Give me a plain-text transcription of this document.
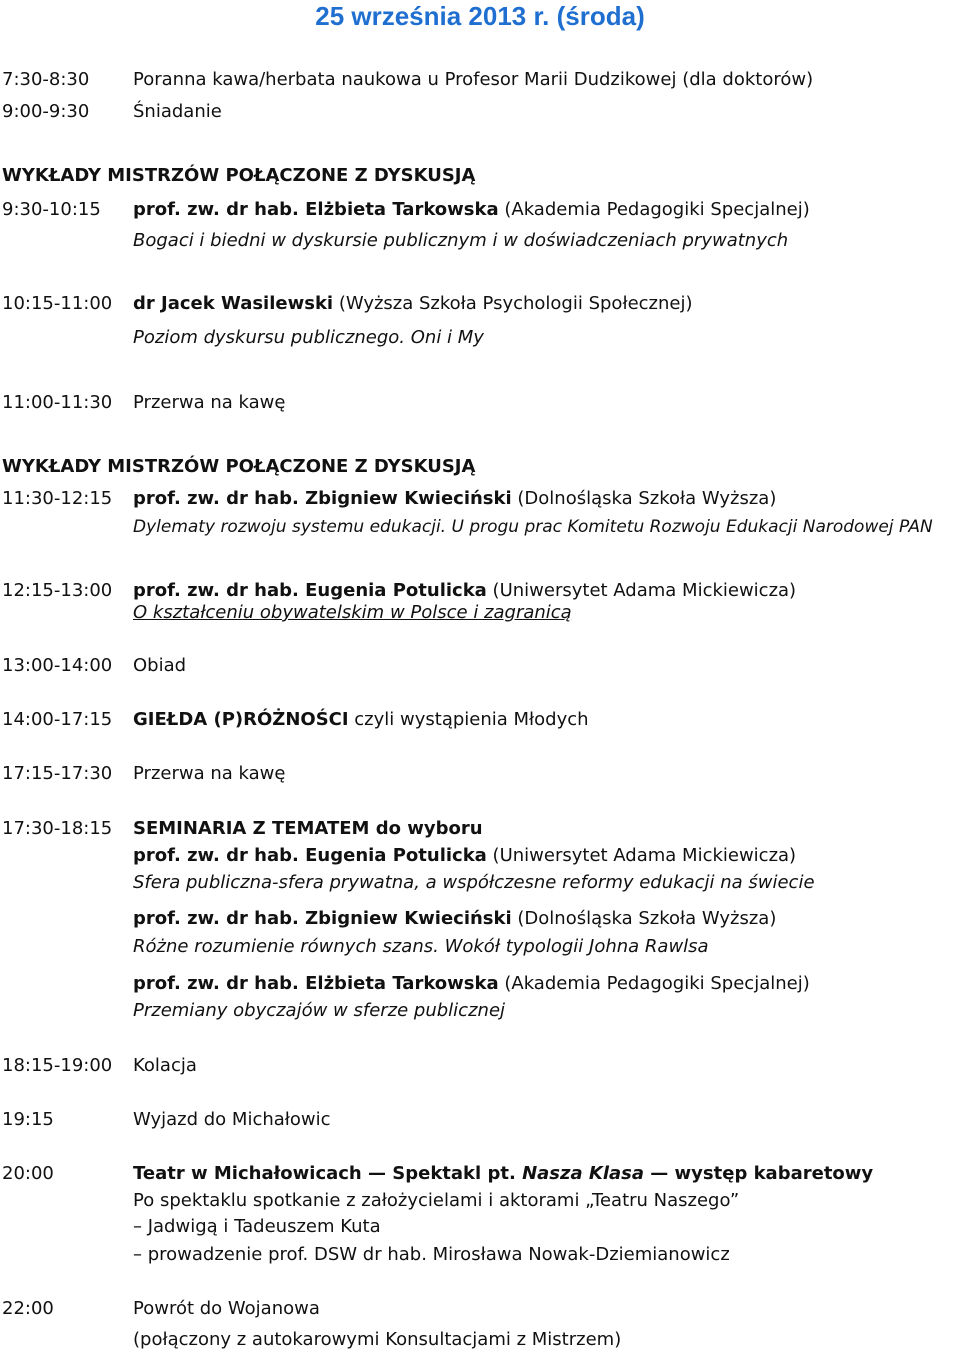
25 września 2013 r. (środa)
7:30-8:30 Poranna kawa/herbata naukowa u Profesor Marii Dudzikowej (dla doktorów)
9:00-9:30 Śniadanie
WYKŁADY MISTRZÓW POŁĄCZONE Z DYSKUSJĄ
9:30-10:15 prof. zw. dr hab. Elżbieta Tarkowska (Akademia Pedagogiki Specjalnej)
Bogaci i biedni w dyskursie publicznym i w doświadczeniach prywatnych
10:15-11:00 dr Jacek Wasilewski (Wyższa Szkoła Psychologii Społecznej)
Poziom dyskursu publicznego. Oni i My
11:00-11:30 Przerwa na kawę
WYKŁADY MISTRZÓW POŁĄCZONE Z DYSKUSJĄ
11:30-12:15 prof. zw. dr hab. Zbigniew Kwieciński (Dolnośląska Szkoła Wyższa)
Dylematy rozwoju systemu edukacji. U progu prac Komitetu Rozwoju Edukacji Narodowej PAN
12:15-13:00 prof. zw. dr hab. Eugenia Potulicka (Uniwersytet Adama Mickiewicza)
O kształceniu obywatelskim w Polsce i zagranicą
13:00-14:00 Obiad
14:00-17:15 GIEŁDA (P)RÓŻNOŚCI czyli wystąpienia Młodych
17:15-17:30 Przerwa na kawę
17:30-18:15 SEMINARIA Z TEMATEM do wyboru
prof. zw. dr hab. Eugenia Potulicka (Uniwersytet Adama Mickiewicza)
Sfera publiczna-sfera prywatna, a współczesne reformy edukacji na świecie
prof. zw. dr hab. Zbigniew Kwieciński (Dolnośląska Szkoła Wyższa)
Różne rozumienie równych szans. Wokół typologii Johna Rawlsa
prof. zw. dr hab. Elżbieta Tarkowska (Akademia Pedagogiki Specjalnej)
Przemiany obyczajów w sferze publicznej
18:15-19:00 Kolacja
19:15	Wyjazd do Michałowic
20:00	Teatr w Michałowicach — Spektakl pt. Nasza Klasa — występ kabaretowy
Po spektaklu spotkanie z założycielami i aktorami „Teatru Naszego”
– Jadwigą i Tadeuszem Kuta
– prowadzenie prof. DSW dr hab. Mirosława Nowak-Dziemianowicz
22:00	Powrót do Wojanowa
(połączony z autokarowymi Konsultacjami z Mistrzem)
